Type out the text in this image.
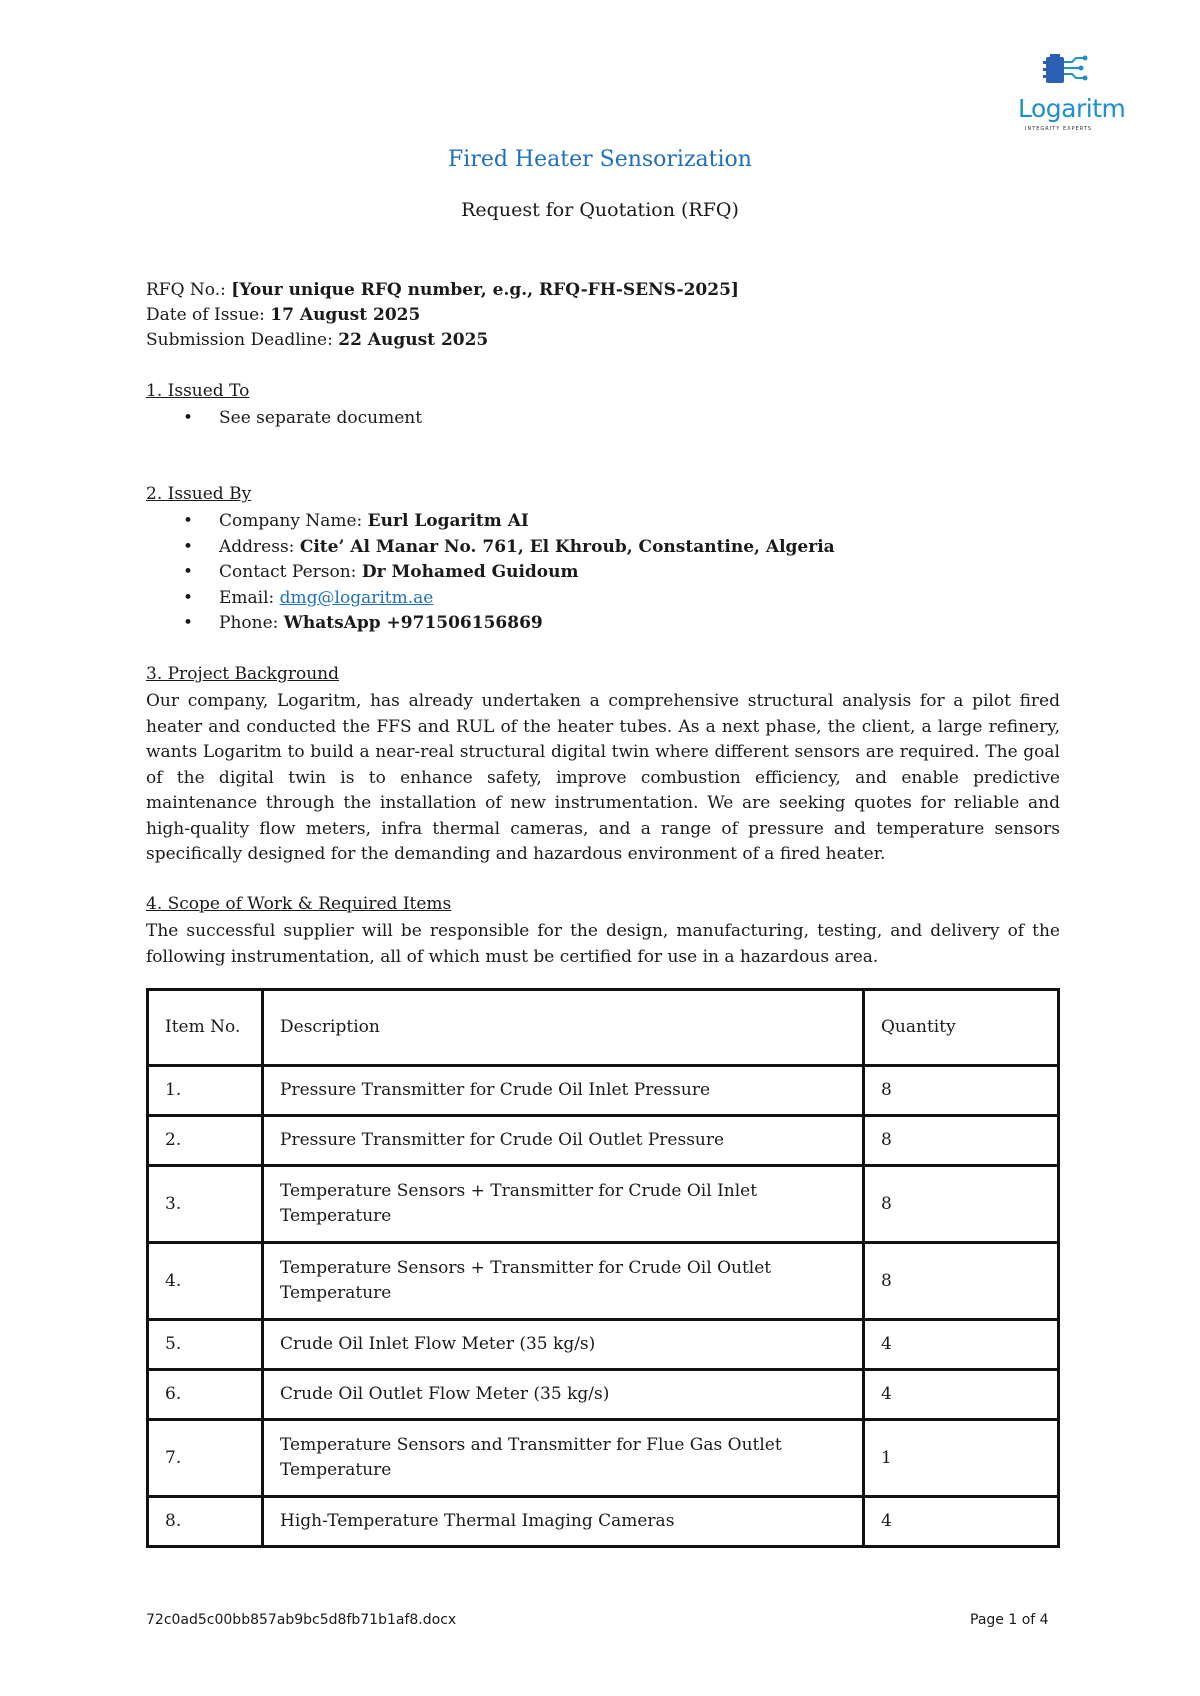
Logaritm
INTEGRITY EXPERTS
Fired Heater Sensorization
Request for Quotation (RFQ)
RFQ No.: [Your unique RFQ number, e.g., RFQ-FH-SENS-2025]
Date of Issue: 17 August 2025
Submission Deadline: 22 August 2025
1. Issued To
• See separate document
2. Issued By
• Company Name: Eurl Logaritm AI
• Address: Cite’ Al Manar No. 761, El Khroub, Constantine, Algeria
• Contact Person: Dr Mohamed Guidoum
• Email: dmg@logaritm.ae
• Phone: WhatsApp +971506156869
3. Project Background

Our company, Logaritm, has already undertaken a comprehensive structural analysis for a pilot fired heater and conducted the FFS and RUL of the heater tubes. As a next phase, the client, a large refinery, wants Logaritm to build a near-real structural digital twin where different sensors are required. The goal of the digital twin is to enhance safety, improve combustion efficiency, and enable predictive maintenance through the installation of new instrumentation. We are seeking quotes for reliable and high-quality flow meters, infra thermal cameras, and a range of pressure and temperature sensors specifically designed for the demanding and hazardous environment of a fired heater.

4. Scope of Work & Required Items

The successful supplier will be responsible for the design, manufacturing, testing, and delivery of the following instrumentation, all of which must be certified for use in a hazardous area.

Item No.	Description	Quantity
1.	Pressure Transmitter for Crude Oil Inlet Pressure	8
2.	Pressure Transmitter for Crude Oil Outlet Pressure	8
3.	Temperature Sensors + Transmitter for Crude Oil Inlet Temperature	8
4.	Temperature Sensors + Transmitter for Crude Oil Outlet Temperature	8
5.	Crude Oil Inlet Flow Meter (35 kg/s)	4
6.	Crude Oil Outlet Flow Meter (35 kg/s)	4
7.	Temperature Sensors and Transmitter for Flue Gas Outlet Temperature	1
8.	High-Temperature Thermal Imaging Cameras	4
72c0ad5c00bb857ab9bc5d8fb71b1af8.docx	Page 1 of 4
